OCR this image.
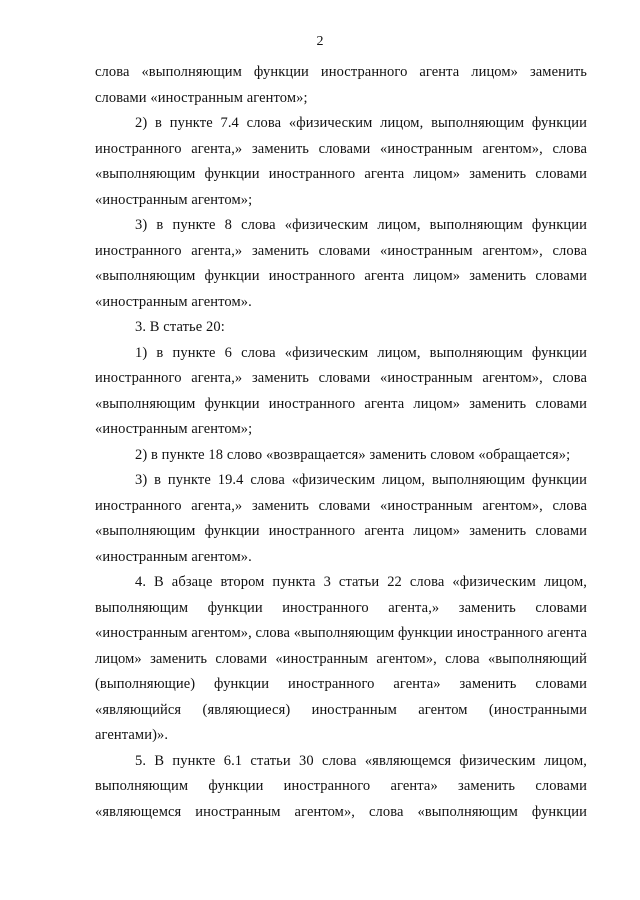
2

слова «выполняющим функции иностранного агента лицом» заменить словами «иностранным агентом»;

2) в пункте 7.4 слова «физическим лицом, выполняющим функции иностранного агента,» заменить словами «иностранным агентом», слова «выполняющим функции иностранного агента лицом» заменить словами «иностранным агентом»;

3) в пункте 8 слова «физическим лицом, выполняющим функции иностранного агента,» заменить словами «иностранным агентом», слова «выполняющим функции иностранного агента лицом» заменить словами «иностранным агентом».

3. В статье 20:

1) в пункте 6 слова «физическим лицом, выполняющим функции иностранного агента,» заменить словами «иностранным агентом», слова «выполняющим функции иностранного агента лицом» заменить словами «иностранным агентом»;

2) в пункте 18 слово «возвращается» заменить словом «обращается»;

3) в пункте 19.4 слова «физическим лицом, выполняющим функции иностранного агента,» заменить словами «иностранным агентом», слова «выполняющим функции иностранного агента лицом» заменить словами «иностранным агентом».

4. В абзаце втором пункта 3 статьи 22 слова «физическим лицом, выполняющим функции иностранного агента,» заменить словами «иностранным агентом», слова «выполняющим функции иностранного агента лицом» заменить словами «иностранным агентом», слова «выполняющий (выполняющие) функции иностранного агента» заменить словами «являющийся (являющиеся) иностранным агентом (иностранными агентами)».

5. В пункте 6.1 статьи 30 слова «являющемся физическим лицом, выполняющим функции иностранного агента» заменить словами «являющемся иностранным агентом», слова «выполняющим функции
